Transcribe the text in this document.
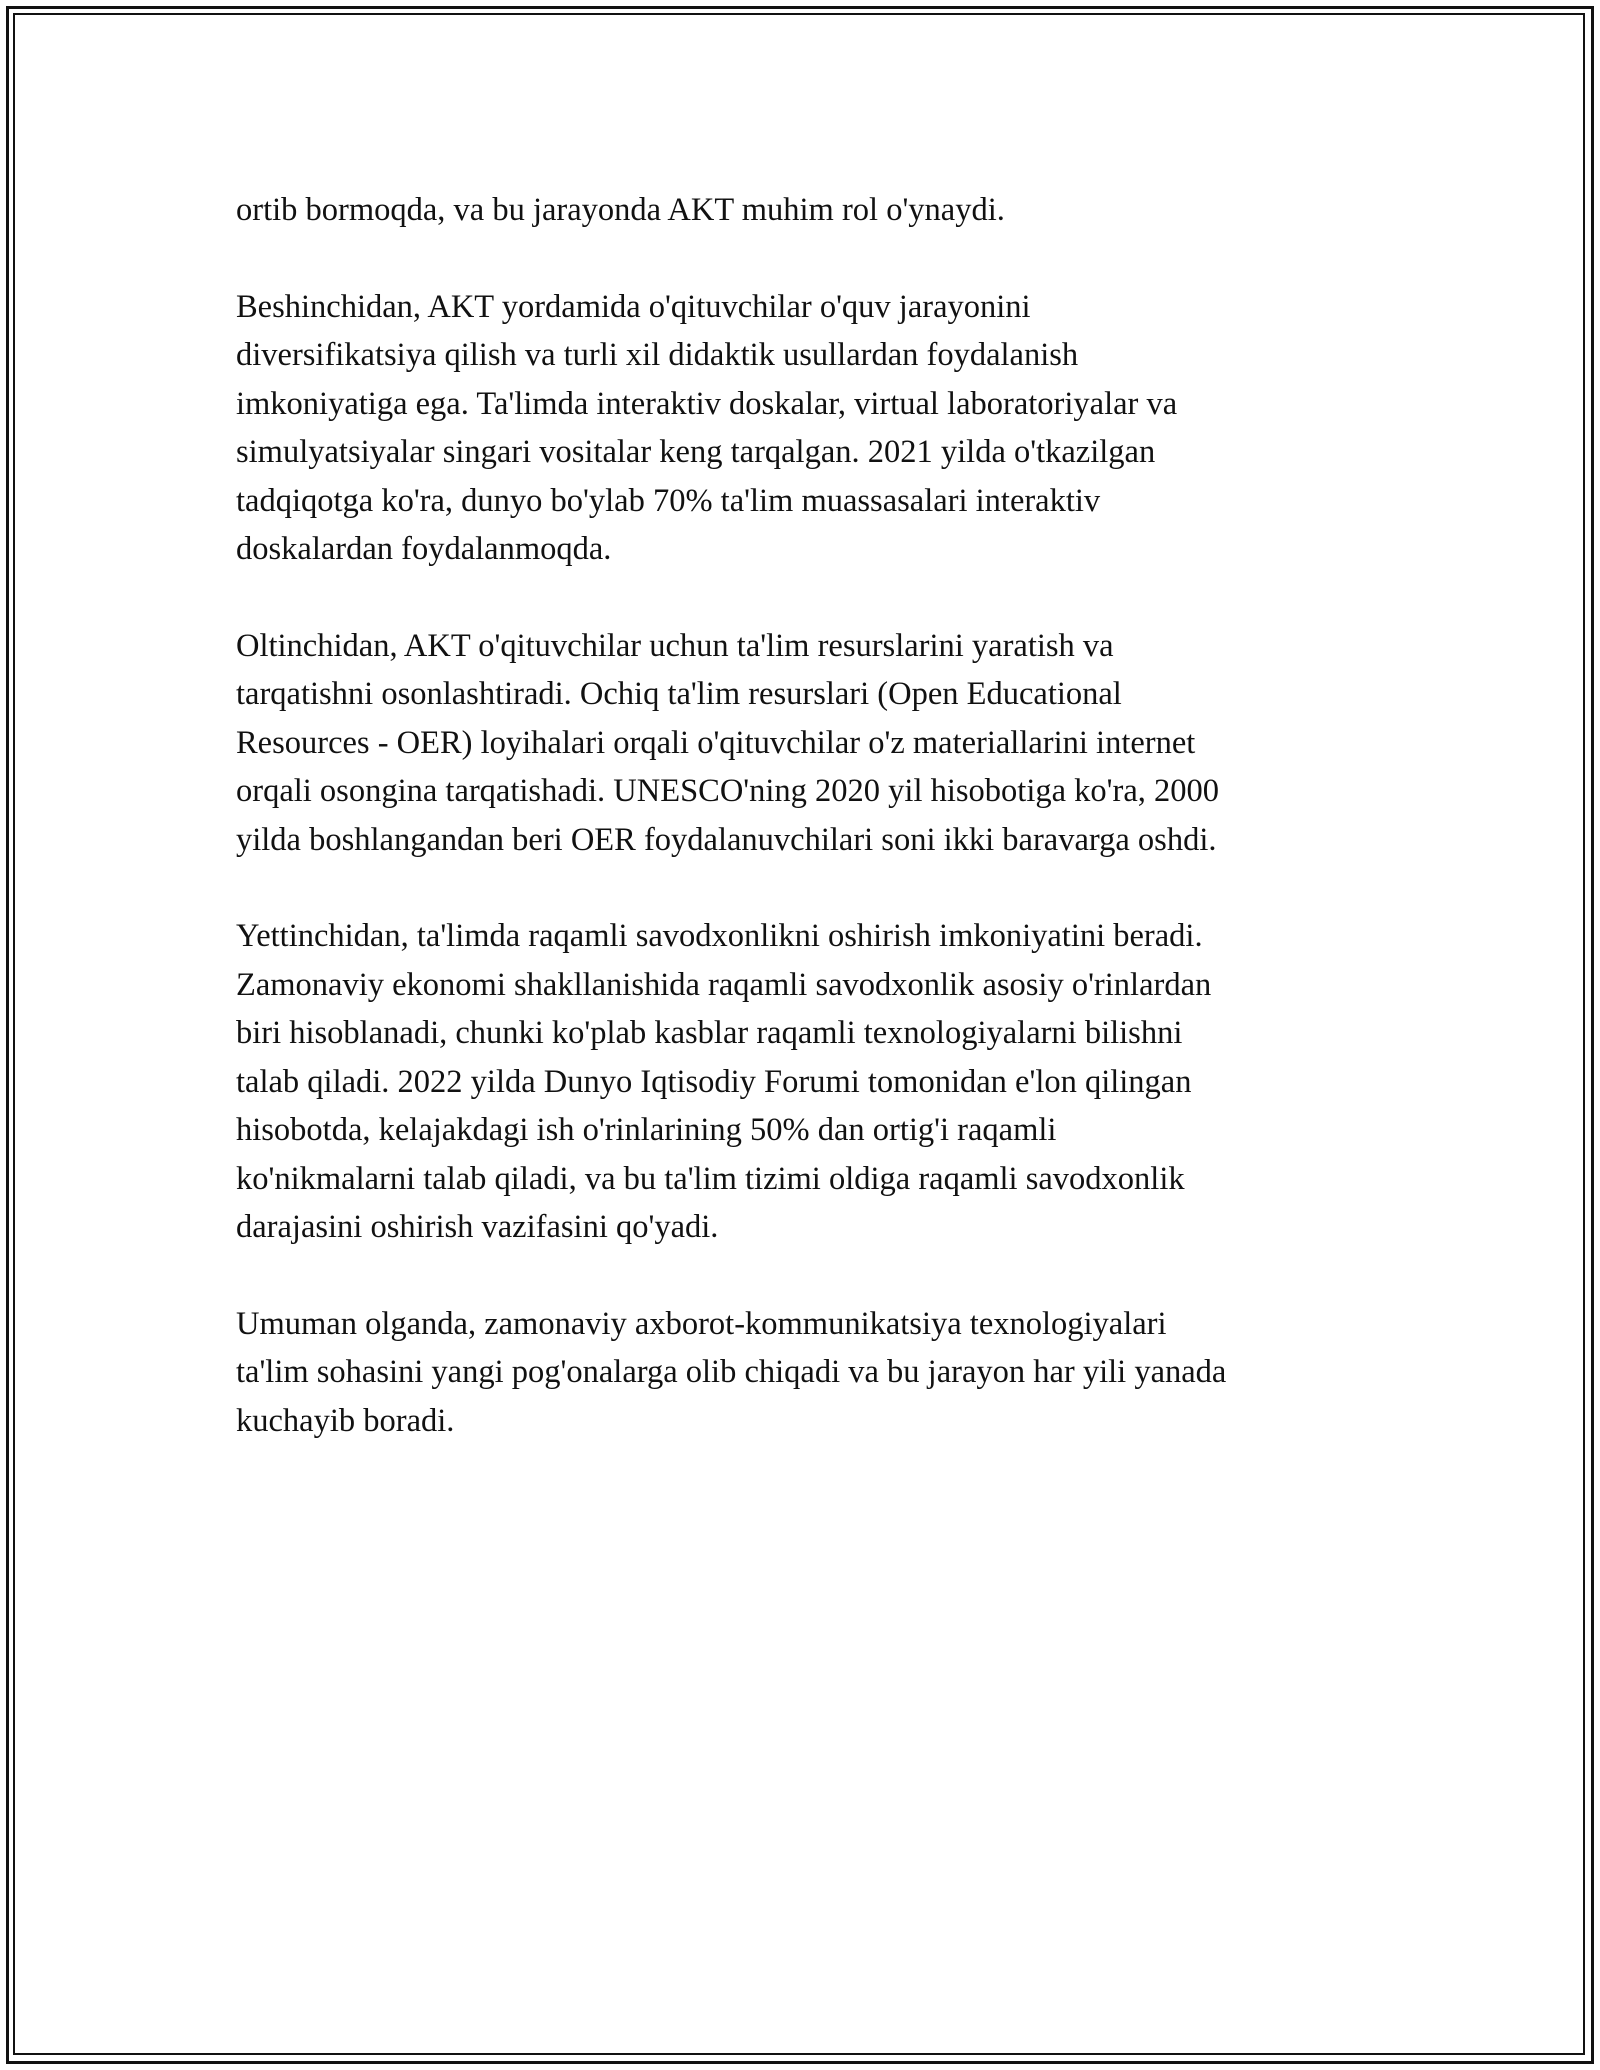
ortib bormoqda, va bu jarayonda AKT muhim rol o'ynaydi.

Beshinchidan, AKT yordamida o'qituvchilar o'quv jarayonini
diversifikatsiya qilish va turli xil didaktik usullardan foydalanish
imkoniyatiga ega. Ta'limda interaktiv doskalar, virtual laboratoriyalar va
simulyatsiyalar singari vositalar keng tarqalgan. 2021 yilda o'tkazilgan
tadqiqotga ko'ra, dunyo bo'ylab 70% ta'lim muassasalari interaktiv
doskalardan foydalanmoqda.

Oltinchidan, AKT o'qituvchilar uchun ta'lim resurslarini yaratish va
tarqatishni osonlashtiradi. Ochiq ta'lim resurslari (Open Educational
Resources - OER) loyihalari orqali o'qituvchilar o'z materiallarini internet
orqali osongina tarqatishadi. UNESCO'ning 2020 yil hisobotiga ko'ra, 2000
yilda boshlangandan beri OER foydalanuvchilari soni ikki baravarga oshdi.

Yettinchidan, ta'limda raqamli savodxonlikni oshirish imkoniyatini beradi.
Zamonaviy ekonomi shakllanishida raqamli savodxonlik asosiy o'rinlardan
biri hisoblanadi, chunki ko'plab kasblar raqamli texnologiyalarni bilishni
talab qiladi. 2022 yilda Dunyo Iqtisodiy Forumi tomonidan e'lon qilingan
hisobotda, kelajakdagi ish o'rinlarining 50% dan ortig'i raqamli
ko'nikmalarni talab qiladi, va bu ta'lim tizimi oldiga raqamli savodxonlik
darajasini oshirish vazifasini qo'yadi.

Umuman olganda, zamonaviy axborot-kommunikatsiya texnologiyalari
ta'lim sohasini yangi pog'onalarga olib chiqadi va bu jarayon har yili yanada
kuchayib boradi.
